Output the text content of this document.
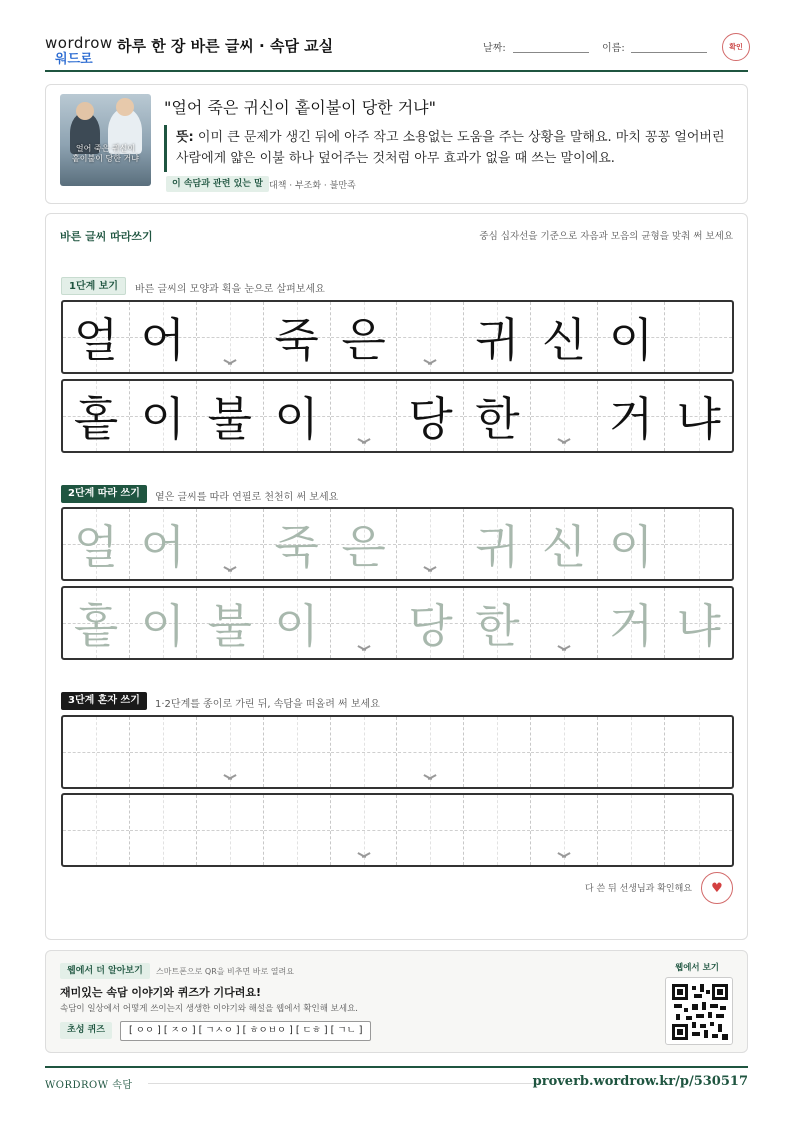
wordrow
워드로
하루 한 장 바른 글씨 · 속담 교실	날짜:	이름:	확인
얼어 죽은 귀신이
홑이불이 당한 거냐
"얼어 죽은 귀신이 홑이불이 당한 거냐"
뜻: 이미 큰 문제가 생긴 뒤에 아주 작고 소용없는 도움을 주는 상황을 말해요. 마치 꽁꽁 얼어버린 사람에게 얇은 이불 하나 덮어주는 것처럼 아무 효과가 없을 때 쓰는 말이에요.
이 속담과 관련 있는 말 대책 · 부조화 · 불만족
바른 글씨 따라쓰기	중심 십자선을 기준으로 자음과 모음의 균형을 맞춰 써 보세요
1단계 보기	바른 글씨의 모양과 획을 눈으로 살펴보세요
얼 어 죽 은 귀 신 이
홑 이 불 이 당 한 거 냐
2단계 따라 쓰기	옅은 글씨를 따라 연필로 천천히 써 보세요
얼 어 죽 은 귀 신 이
홑 이 불 이 당 한 거 냐
3단계 혼자 쓰기	1·2단계를 종이로 가린 뒤, 속담을 떠올려 써 보세요
다 쓴 뒤 선생님과 확인해요 ♥
웹에서 더 알아보기	스마트폰으로 QR을 비추면 바로 열려요
재미있는 속담 이야기와 퀴즈가 기다려요!
속담이 일상에서 어떻게 쓰이는지 생생한 이야기와 해설을 웹에서 확인해 보세요.
초성 퀴즈	[ ㅇㅇ ] [ ㅈㅇ ] [ ㄱㅅㅇ ] [ ㅎㅇㅂㅇ ] [ ㄷㅎ ] [ ㄱㄴ ]
웹에서 보기
WORDROW 속담	proverb.wordrow.kr/p/530517
